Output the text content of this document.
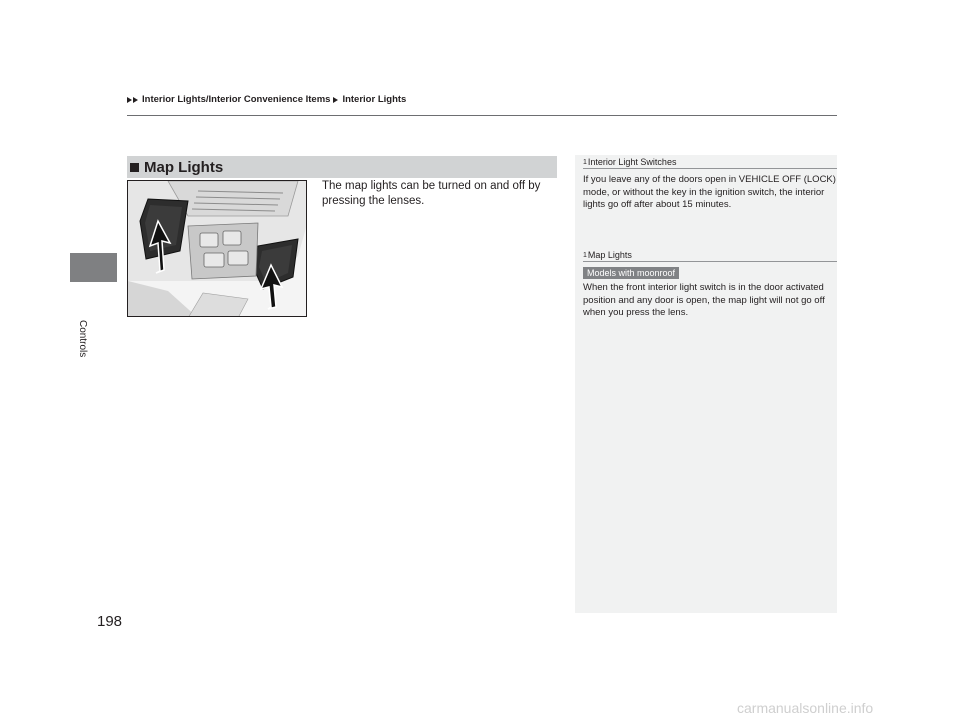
Interior Lights/Interior Convenience Items Interior Lights
Controls
Map Lights
The map lights can be turned on and off by pressing the lenses.
1 Interior Light Switches
If you leave any of the doors open in VEHICLE OFF (LOCK) mode, or without the key in the ignition switch, the interior lights go off after about 15 minutes.
1 Map Lights
Models with moonroof
When the front interior light switch is in the door activated position and any door is open, the map light will not go off when you press the lens.
198
carmanualsonline.info
